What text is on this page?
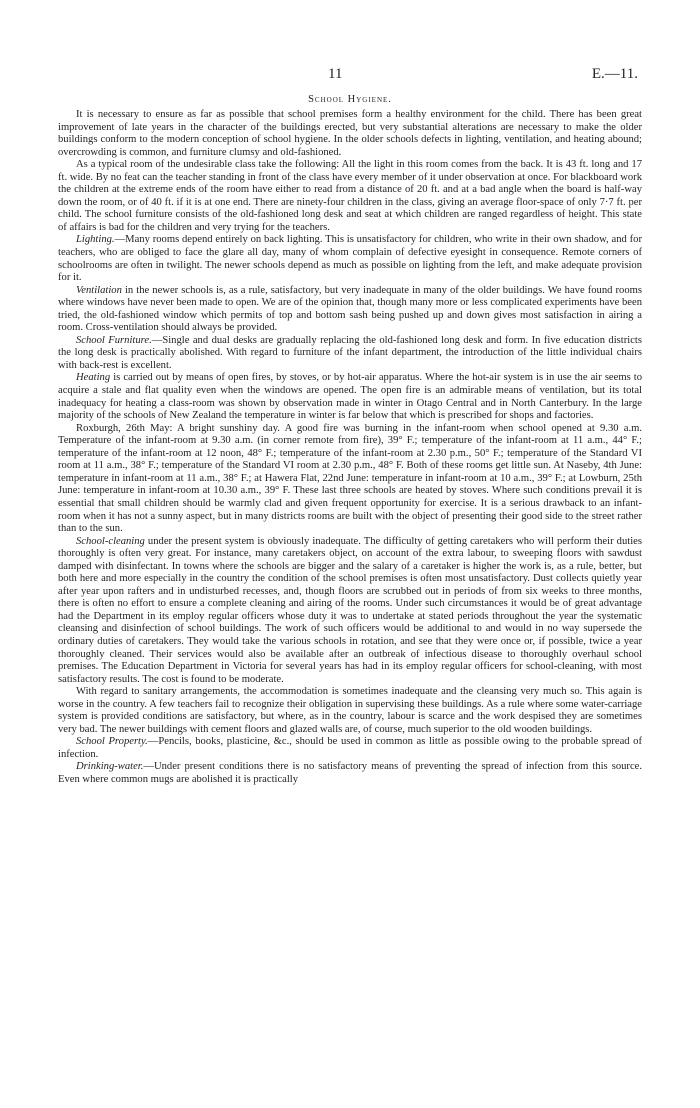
11	E.—11.
School Hygiene.

It is necessary to ensure as far as possible that school premises form a healthy environment for the child. There has been great improvement of late years in the character of the buildings erected, but very substantial alterations are necessary to make the older buildings conform to the modern conception of school hygiene. In the older schools defects in lighting, ventilation, and heating abound; overcrowding is common, and furniture clumsy and old-fashioned.

As a typical room of the undesirable class take the following: All the light in this room comes from the back. It is 43 ft. long and 17 ft. wide. By no feat can the teacher standing in front of the class have every member of it under observation at once. For blackboard work the children at the extreme ends of the room have either to read from a distance of 20 ft. and at a bad angle when the board is half-way down the room, or of 40 ft. if it is at one end. There are ninety-four children in the class, giving an average floor-space of only 7·7 ft. per child. The school furniture consists of the old-fashioned long desk and seat at which children are ranged regardless of height. This state of affairs is bad for the children and very trying for the teachers.

Lighting.—Many rooms depend entirely on back lighting. This is unsatisfactory for children, who write in their own shadow, and for teachers, who are obliged to face the glare all day, many of whom complain of defective eyesight in consequence. Remote corners of schoolrooms are often in twilight. The newer schools depend as much as possible on lighting from the left, and make adequate provision for it.

Ventilation in the newer schools is, as a rule, satisfactory, but very inadequate in many of the older buildings. We have found rooms where windows have never been made to open. We are of the opinion that, though many more or less complicated experiments have been tried, the old-fashioned window which permits of top and bottom sash being pushed up and down gives most satisfaction in airing a room. Cross-ventilation should always be provided.

School Furniture.—Single and dual desks are gradually replacing the old-fashioned long desk and form. In five education districts the long desk is practically abolished. With regard to furniture of the infant department, the introduction of the little individual chairs with back-rest is excellent.

Heating is carried out by means of open fires, by stoves, or by hot-air apparatus. Where the hot-air system is in use the air seems to acquire a stale and flat quality even when the windows are opened. The open fire is an admirable means of ventilation, but its total inadequacy for heating a class-room was shown by observation made in winter in Otago Central and in North Canterbury. In the large majority of the schools of New Zealand the temperature in winter is far below that which is prescribed for shops and factories.

Roxburgh, 26th May: A bright sunshiny day. A good fire was burning in the infant-room when school opened at 9.30 a.m. Temperature of the infant-room at 9.30 a.m. (in corner remote from fire), 39° F.; temperature of the infant-room at 11 a.m., 44° F.; temperature of the infant-room at 12 noon, 48° F.; temperature of the infant-room at 2.30 p.m., 50° F.; temperature of the Standard VI room at 11 a.m., 38° F.; temperature of the Standard VI room at 2.30 p.m., 48° F. Both of these rooms get little sun. At Naseby, 4th June: temperature in infant-room at 11 a.m., 38° F.; at Hawera Flat, 22nd June: temperature in infant-room at 10 a.m., 39° F.; at Lowburn, 25th June: temperature in infant-room at 10.30 a.m., 39° F. These last three schools are heated by stoves. Where such conditions prevail it is essential that small children should be warmly clad and given frequent opportunity for exercise. It is a serious drawback to an infant-room when it has not a sunny aspect, but in many districts rooms are built with the object of presenting their good side to the street rather than to the sun.

School-cleaning under the present system is obviously inadequate. The difficulty of getting caretakers who will perform their duties thoroughly is often very great. For instance, many caretakers object, on account of the extra labour, to sweeping floors with sawdust damped with disinfectant. In towns where the schools are bigger and the salary of a caretaker is higher the work is, as a rule, better, but both here and more especially in the country the condition of the school premises is often most unsatisfactory. Dust collects quietly year after year upon rafters and in undisturbed recesses, and, though floors are scrubbed out in periods of from six weeks to three months, there is often no effort to ensure a complete cleaning and airing of the rooms. Under such circumstances it would be of great advantage had the Department in its employ regular officers whose duty it was to undertake at stated periods throughout the year the systematic cleansing and disinfection of school buildings. The work of such officers would be additional to and would in no way supersede the ordinary duties of caretakers. They would take the various schools in rotation, and see that they were once or, if possible, twice a year thoroughly cleaned. Their services would also be available after an outbreak of infectious disease to thoroughly overhaul school premises. The Education Department in Victoria for several years has had in its employ regular officers for school-cleaning, with most satisfactory results. The cost is found to be moderate.

With regard to sanitary arrangements, the accommodation is sometimes inadequate and the cleansing very much so. This again is worse in the country. A few teachers fail to recognize their obligation in supervising these buildings. As a rule where some water-carriage system is provided conditions are satisfactory, but where, as in the country, labour is scarce and the work despised they are sometimes very bad. The newer buildings with cement floors and glazed walls are, of course, much superior to the old wooden buildings.

School Property.—Pencils, books, plasticine, &c., should be used in common as little as possible owing to the probable spread of infection.

Drinking-water.—Under present conditions there is no satisfactory means of preventing the spread of infection from this source. Even where common mugs are abolished it is practically
